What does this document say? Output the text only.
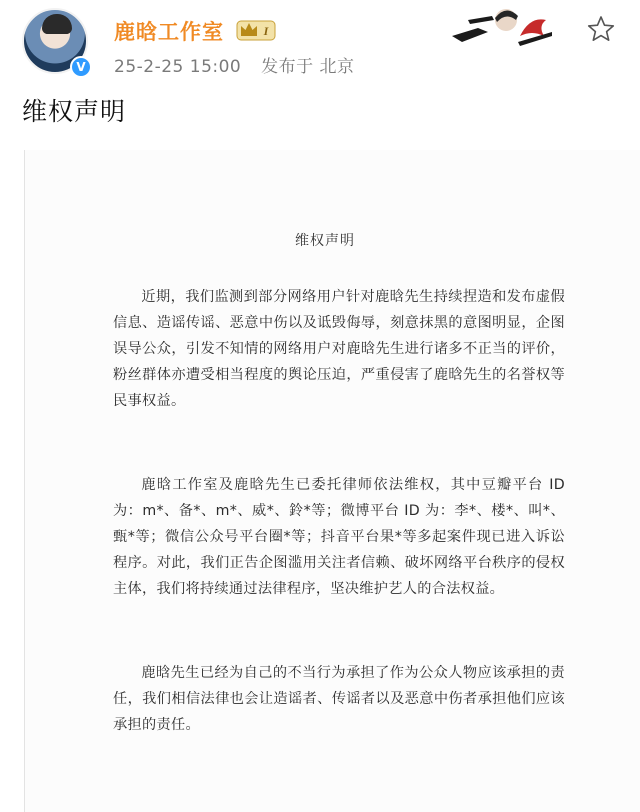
V
鹿晗工作室	I
25-2-25 15:00 发布于 北京
维权声明
维权声明
近期，我们监测到部分网络用户针对鹿晗先生持续捏造和发布虚假信息、造谣传谣、恶意中伤以及诋毁侮辱，刻意抹黑的意图明显，企图误导公众，引发不知情的网络用户对鹿晗先生进行诸多不正当的评价，粉丝群体亦遭受相当程度的舆论压迫，严重侵害了鹿晗先生的名誉权等民事权益。
鹿晗工作室及鹿晗先生已委托律师依法维权，其中豆瓣平台 ID 为：m*、备*、m*、威*、鈴*等；微博平台 ID 为：李*、楼*、叫*、甄*等；微信公众号平台圈*等；抖音平台果*等多起案件现已进入诉讼程序。对此，我们正告企图滥用关注者信赖、破坏网络平台秩序的侵权主体，我们将持续通过法律程序，坚决维护艺人的合法权益。
鹿晗先生已经为自己的不当行为承担了作为公众人物应该承担的责任，我们相信法律也会让造谣者、传谣者以及恶意中伤者承担他们应该承担的责任。
